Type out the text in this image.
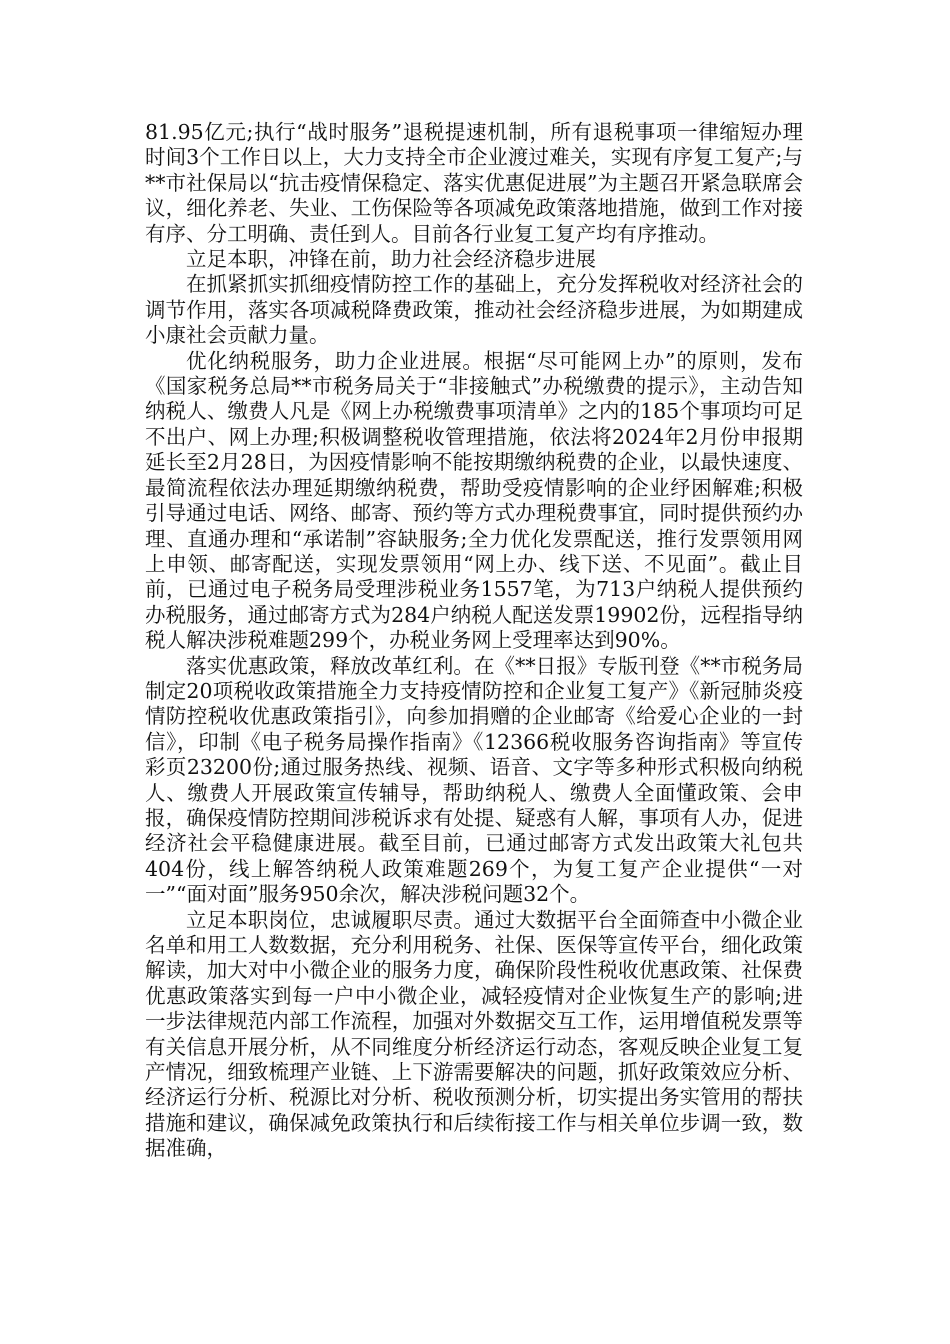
81.95亿元;执行“战时服务”退税提速机制，所有退税事项一律缩短办理时间3个工作日以上，大力支持全市企业渡过难关，实现有序复工复产;与**市社保局以“抗击疫情保稳定、落实优惠促进展”为主题召开紧急联席会议，细化养老、失业、工伤保险等各项减免政策落地措施，做到工作对接有序、分工明确、责任到人。目前各行业复工复产均有序推动。

立足本职，冲锋在前，助力社会经济稳步进展

在抓紧抓实抓细疫情防控工作的基础上，充分发挥税收对经济社会的调节作用，落实各项减税降费政策，推动社会经济稳步进展，为如期建成小康社会贡献力量。

优化纳税服务，助力企业进展。根据“尽可能网上办”的原则，发布《国家税务总局**市税务局关于“非接触式”办税缴费的提示》，主动告知纳税人、缴费人凡是《网上办税缴费事项清单》之内的185个事项均可足不出户、网上办理;积极调整税收管理措施，依法将2024年2月份申报期延长至2月28日，为因疫情影响不能按期缴纳税费的企业，以最快速度、最简流程依法办理延期缴纳税费，帮助受疫情影响的企业纾困解难;积极引导通过电话、网络、邮寄、预约等方式办理税费事宜，同时提供预约办理、直通办理和“承诺制”容缺服务;全力优化发票配送，推行发票领用网上申领、邮寄配送，实现发票领用“网上办、线下送、不见面”。截止目前，已通过电子税务局受理涉税业务1557笔，为713户纳税人提供预约办税服务，通过邮寄方式为284户纳税人配送发票19902份，远程指导纳税人解决涉税难题299个，办税业务网上受理率达到90%。

落实优惠政策，释放改革红利。在《**日报》专版刊登《**市税务局制定20项税收政策措施全力支持疫情防控和企业复工复产》《新冠肺炎疫情防控税收优惠政策指引》，向参加捐赠的企业邮寄《给爱心企业的一封信》，印制《电子税务局操作指南》《12366税收服务咨询指南》等宣传彩页23200份;通过服务热线、视频、语音、文字等多种形式积极向纳税人、缴费人开展政策宣传辅导，帮助纳税人、缴费人全面懂政策、会申报，确保疫情防控期间涉税诉求有处提、疑惑有人解，事项有人办，促进经济社会平稳健康进展。截至目前，已通过邮寄方式发出政策大礼包共404份，线上解答纳税人政策难题269个，为复工复产企业提供“一对一”“面对面”服务950余次，解决涉税问题32个。

立足本职岗位，忠诚履职尽责。通过大数据平台全面筛查中小微企业名单和用工人数数据，充分利用税务、社保、医保等宣传平台，细化政策解读，加大对中小微企业的服务力度，确保阶段性税收优惠政策、社保费优惠政策落实到每一户中小微企业，减轻疫情对企业恢复生产的影响;进一步法律规范内部工作流程，加强对外数据交互工作，运用增值税发票等有关信息开展分析，从不同维度分析经济运行动态，客观反映企业复工复产情况，细致梳理产业链、上下游需要解决的问题，抓好政策效应分析、经济运行分析、税源比对分析、税收预测分析，切实提出务实管用的帮扶措施和建议，确保减免政策执行和后续衔接工作与相关单位步调一致，数据准确，
